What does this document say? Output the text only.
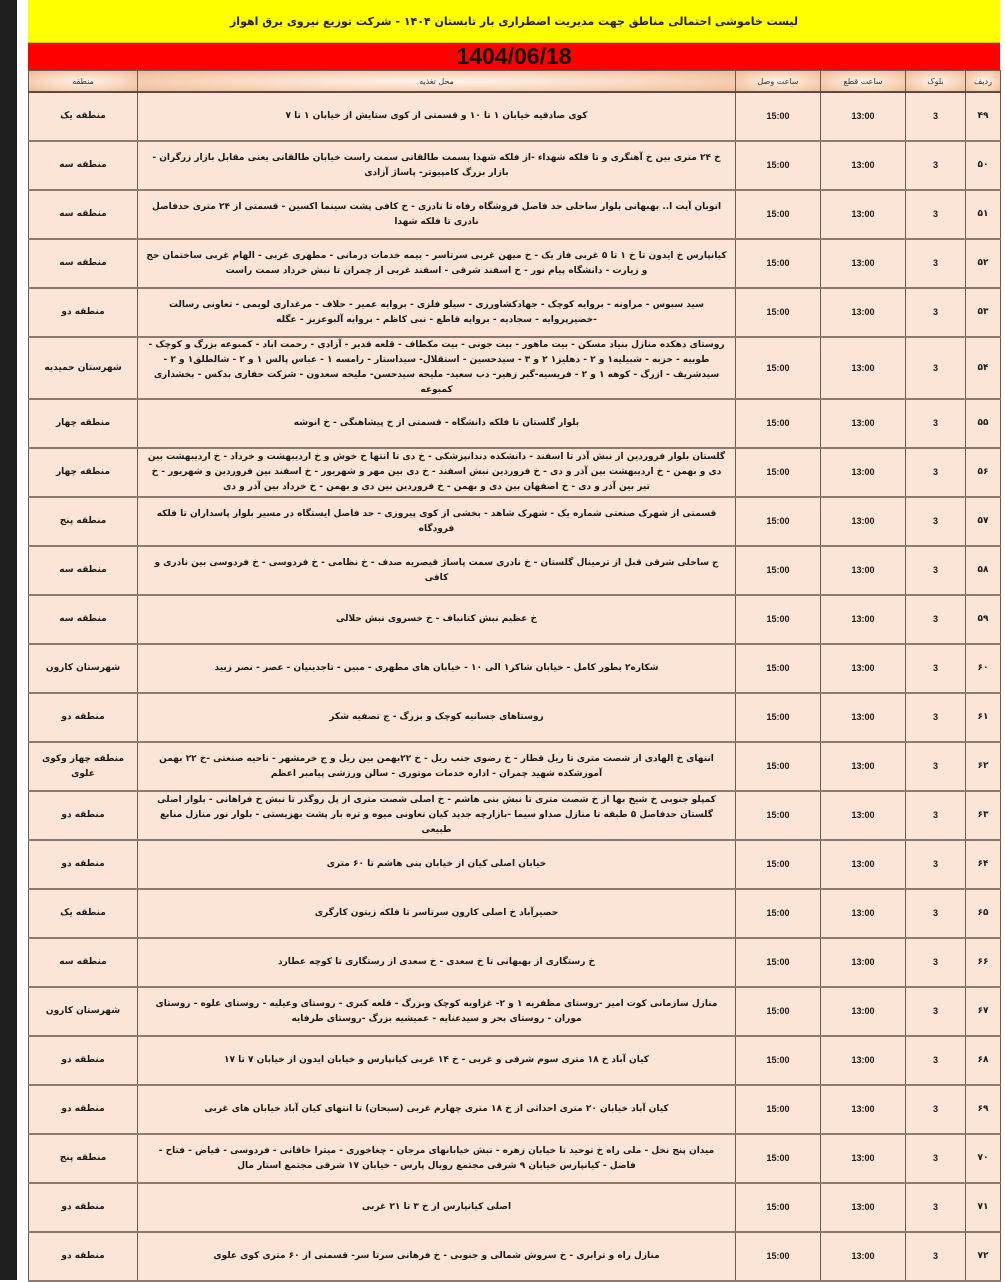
لیست خاموشی احتمالی مناطق جهت مدیریت اضطراری بار تابستان ۱۴۰۴ - شرکت توزیع نیروی برق اهواز
1404/06/18
ردیف	بلوک	ساعت قطع	ساعت وصل	محل تغذیه	منطقه
۴۹	3	13:00	15:00	کوی صادقیه خیابان ۱ تا ۱۰ و قسمتی از کوی ستایش از خیابان ۱ تا ۷	منطقه یک
۵۰	3	13:00	15:00	خ ۲۴ متری بین خ آهنگری و تا فلکه شهداء -از فلکه شهدا بسمت طالقانی سمت راست خیابان طالقانی یعنی مقابل بازار زرگران - بازار بزرگ کامپیوتر- پاساژ آزادی	منطقه سه
۵۱	3	13:00	15:00	اتوبان آیت ا.. بهبهانی بلوار ساحلی حد فاصل فروشگاه رفاه تا نادری - خ کافی پشت سینما اکسین - قسمتی از ۲۴ متری حدفاصل نادری تا فلکه شهدا	منطقه سه
۵۲	3	13:00	15:00	کیانپارس خ ایدون تا خ ۱ تا ۵ غربی فاز یک - خ میهن غربی سرتاسر - بیمه خدمات درمانی - مطهری غربی - الهام غربی ساختمان حج و زیارت - دانشگاه پیام نور - خ اسفند شرقی - اسفند غربی از چمران تا نبش خرداد سمت راست	منطقه سه
۵۳	3	13:00	15:00	سید سبوس - مراونه - بروایه کوچک - جهادکشاورزی - سیلو فلزی - بروایه عمیر - حلاف - مرغداری لویمی - تعاونی رسالت -خضیرپروایه - سجادیه - بروایه قاطع - نبی کاظم - بروایه آلبوعزیز - عگله	منطقه دو
۵۴	3	13:00	15:00	روستای دهکده منازل بنیاد مسکن - بیت ماهور - بیت جونی - بیت مکطاف - قلعه قدیر - آزادی - رحمت اباد - کمبوعه بزرگ و کوچک - طوبیه - حزبه - شبیلیه۱ و ۲ - دهلیز۱ ۲ و ۳ - سیدحسین - استقلال- سیداستار - رامسه ۱ - عباس پالس ۱ و ۲ - شالطلق۱ و ۲ - سیدشریف - ازرگ - کوهه ۱ و ۲ - فریسیه-گبر زهیر- دب سعید- ملیحه سیدحسن- ملیحه سعدون - شرکت حفاری بدکس - بخشداری کمبوعه	شهرستان حمیدیه
۵۵	3	13:00	15:00	بلوار گلستان تا فلکه دانشگاه - قسمتی از خ پیشاهنگی - خ انوشه	منطقه چهار
۵۶	3	13:00	15:00	گلستان بلوار فروردین از نبش آذر تا اسفند - دانشکده دندانپزشکی - خ دی تا انتها خ خوش و خ اردیبهشت و خرداد - خ اردیبهشت بین دی و بهمن - خ اردیبهشت بین آذر و دی - خ فروردین نبش اسفند - خ دی بین مهر و شهریور - خ اسفند بین فروردین و شهریور - خ تیر بین آذر و دی - خ اصفهان بین دی و بهمن - خ فروردین بین دی و بهمن - خ خرداد بین آذر و دی	منطقه چهار
۵۷	3	13:00	15:00	قسمتی از شهرک صنعتی شماره یک - شهرک شاهد - بخشی از کوی پیروزی - حد فاصل ایستگاه در مسیر بلوار پاسداران تا فلکه فرودگاه	منطقه پنج
۵۸	3	13:00	15:00	ج ساحلی شرقی قبل از ترمینال گلستان - خ نادری سمت پاساژ قیصریه صدف - خ نظامی - خ فردوسی - خ فردوسی بین نادری و کافی	منطقه سه
۵۹	3	13:00	15:00	خ عظیم نبش کتانباف - خ خسروی نبش حلالی	منطقه سه
۶۰	3	13:00	15:00	شکاره۲ بطور کامل - خیابان شاکر۱ الی ۱۰ - خیابان های مطهری - مبین - تاجدینیان - عصر - نصر زبید	شهرستان کارون
۶۱	3	13:00	15:00	روستاهای جسانیه کوچک و بزرگ - ج تصفیه شکر	منطقه دو
۶۲	3	13:00	15:00	انتهای خ الهادی از شصت متری تا ریل قطار - خ رضوی جنب ریل - خ ۲۲بهمن بین ریل و ج خرمشهر - ناحیه صنعتی -خ ۲۲ بهمن آموزشکده شهید چمران - اداره خدمات موتوری - سالن ورزشی پیامبر اعظم	منطقه چهار وکوی علوی
۶۳	3	13:00	15:00	کمپلو جنوبی خ شیخ بها از خ شصت متری تا نبش بنی هاشم - خ اصلی شصت متری از پل روگذر تا نبش خ فراهانی - بلوار اصلی گلستان حدفاصل ۵ طبقه تا منازل صداو سیما -بازارچه جدید کیان تعاونی میوه و تره بار پشت بهزیستی - بلوار نور منازل منابع طبیعی	منطقه دو
۶۴	3	13:00	15:00	خیابان اصلی کیان از خیابان بنی هاشم تا ۶۰ متری	منطقه دو
۶۵	3	13:00	15:00	حصیرآباد خ اصلی کارون سرتاسر تا فلکه زیتون کارگری	منطقه یک
۶۶	3	13:00	15:00	خ رستگاری از بهبهانی تا خ سعدی - خ سعدی از رستگاری تا کوچه عطارد	منطقه سه
۶۷	3	13:00	15:00	منازل سازمانی کوت امیر -روستای مظفریه ۱ و ۲- غزاویه کوچک وبزرگ - قلعه کبری - روستای وعیلیه - روستای علوه - روستای موران - روستای بحر و سیدعنایه - عمیشیه بزرگ -روستای طرفایه	شهرستان کارون
۶۸	3	13:00	15:00	کیان آباد خ ۱۸ متری سوم شرقی و غربی - خ ۱۴ غربی کیانپارس و خیابان ایدون از خیابان ۷ تا ۱۷	منطقه دو
۶۹	3	13:00	15:00	کیان آباد خیابان ۲۰ متری احداثی از خ ۱۸ متری چهارم غربی (سبحان) تا انتهای کیان آباد خیابان های غربی	منطقه دو
۷۰	3	13:00	15:00	میدان پنج نخل - ملی راه خ توحید تا خیابان زهره - نبش خیابانهای مرجان - چغاخوری - میترا خاقانی - فردوسی - فیاض - فتاح - فاضل - کیانپارس خیابان ۹ شرقی مجتمع رویال پارس - خیابان ۱۷ شرقی مجتمع استار مال	منطقه پنج
۷۱	3	13:00	15:00	اصلی کیانپارس از خ ۳ تا ۲۱ غربی	منطقه دو
۷۲	3	13:00	15:00	منازل راه و ترابری - خ سروش شمالی و جنوبی - خ فرهانی سرتا سر- قسمتی از ۶۰ متری کوی علوی	منطقه دو
